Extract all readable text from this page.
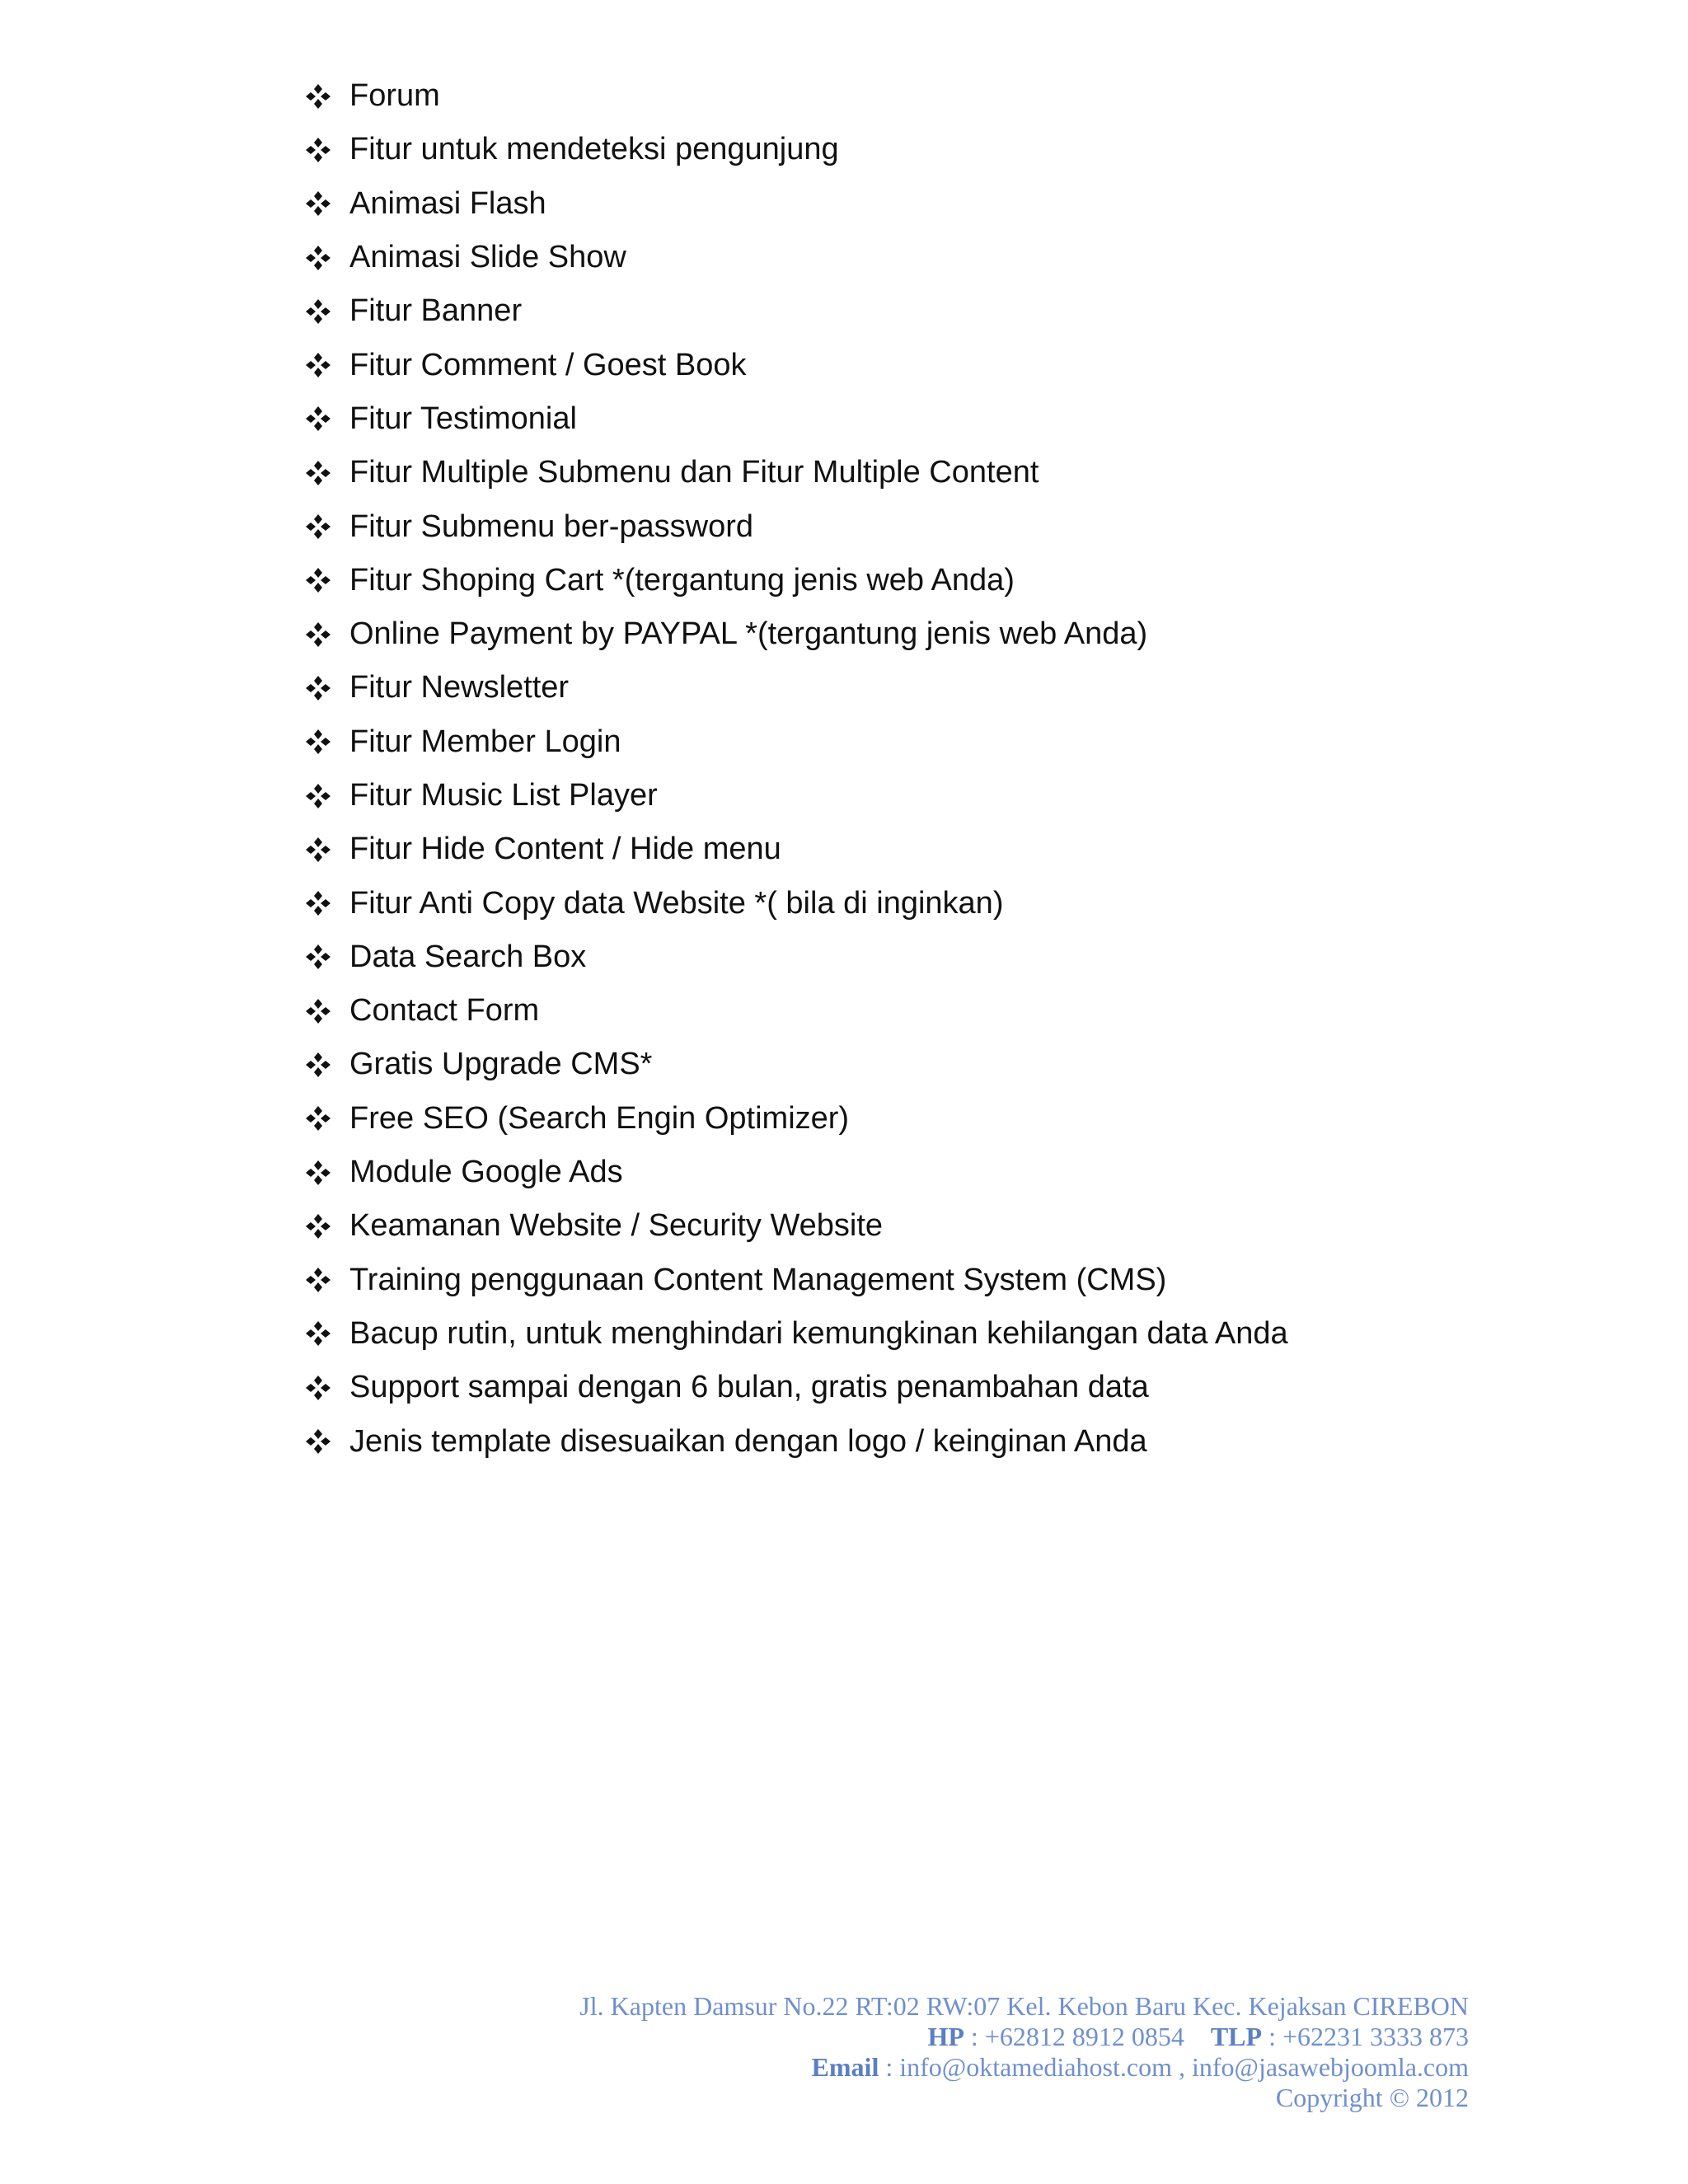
Forum
Fitur untuk mendeteksi pengunjung
Animasi Flash
Animasi Slide Show
Fitur Banner
Fitur Comment / Goest Book
Fitur Testimonial
Fitur Multiple Submenu dan Fitur Multiple Content
Fitur Submenu ber-password
Fitur Shoping Cart *(tergantung jenis web Anda)
Online Payment by PAYPAL *(tergantung jenis web Anda)
Fitur Newsletter
Fitur Member Login
Fitur Music List Player
Fitur Hide Content / Hide menu
Fitur Anti Copy data Website *( bila di inginkan)
Data Search Box
Contact Form
Gratis Upgrade CMS*
Free SEO (Search Engin Optimizer)
Module Google Ads
Keamanan Website / Security Website
Training penggunaan Content Management System (CMS)
Bacup rutin, untuk menghindari kemungkinan kehilangan data Anda
Support sampai dengan 6 bulan, gratis penambahan data
Jenis template disesuaikan dengan logo / keinginan Anda
Jl. Kapten Damsur No.22 RT:02 RW:07 Kel. Kebon Baru Kec. Kejaksan CIREBON
HP : +62812 8912 0854 TLP : +62231 3333 873
Email : info@oktamediahost.com , info@jasawebjoomla.com
Copyright © 2012
